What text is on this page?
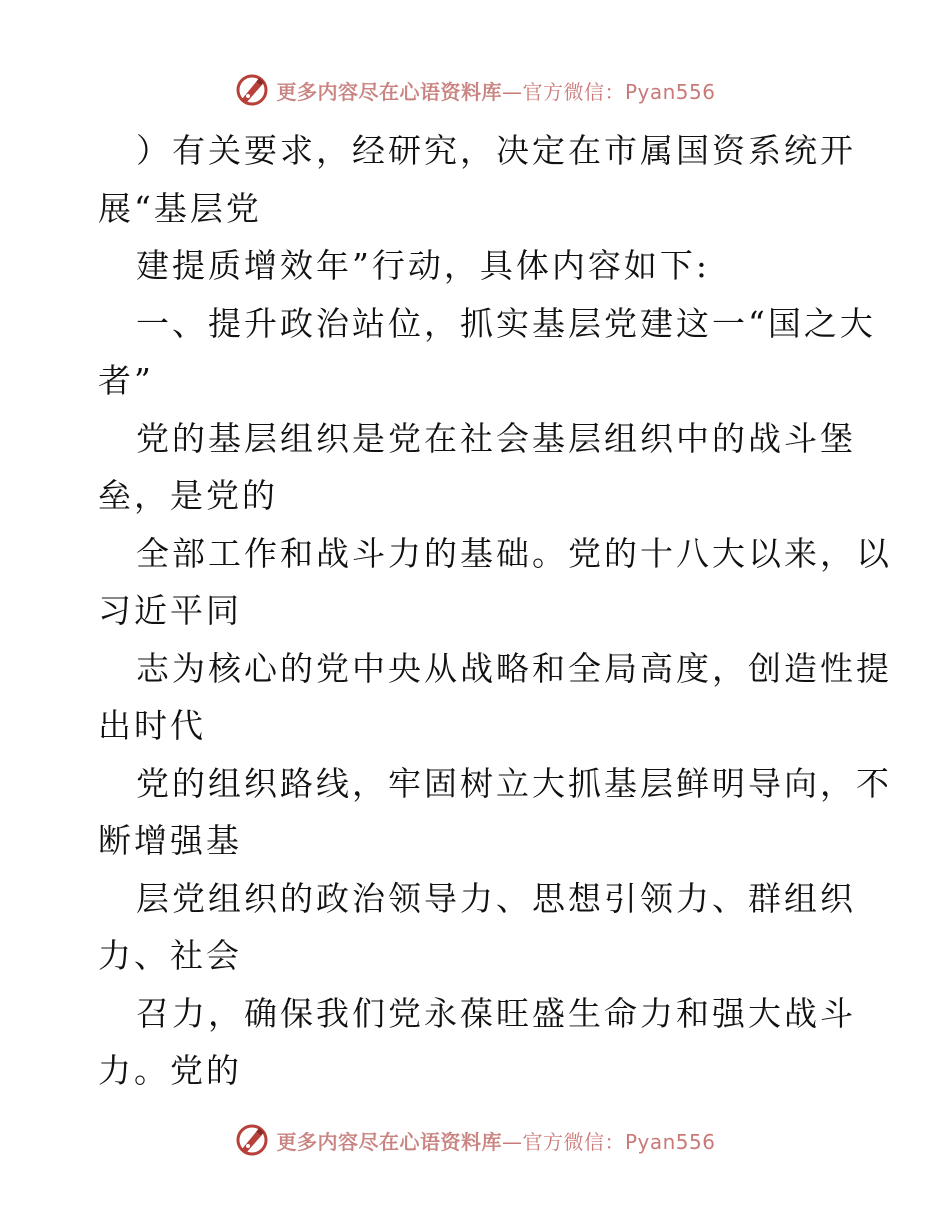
更多内容尽在心语资料库—官方微信：Pyan556
）有关要求，经研究，决定在市属国资系统开
展“基层党
建提质增效年”行动，具体内容如下:
一、提升政治站位，抓实基层党建这一“国之大
者”
党的基层组织是党在社会基层组织中的战斗堡
垒，是党的
全部工作和战斗力的基础。党的十八大以来，以
习近平同
志为核心的党中央从战略和全局高度，创造性提
出时代
党的组织路线，牢固树立大抓基层鲜明导向，不
断增强基
层党组织的政治领导力、思想引领力、群组织
力、社会
召力，确保我们党永葆旺盛生命力和强大战斗
力。党的
更多内容尽在心语资料库—官方微信：Pyan556
